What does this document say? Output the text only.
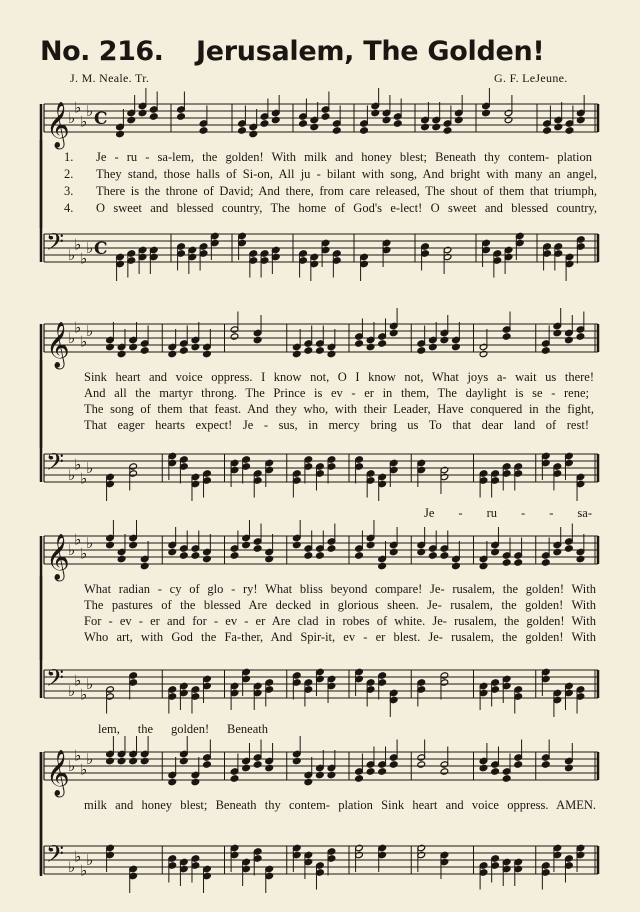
No. 216. Jerusalem, The Golden!
J. M. Neale. Tr.	G. F. LeJeune.
𝄞
♭
♭
♭
♭ C
1. Je - ru - sa-lem, the golden! With milk and honey blest; Beneath thy contem- plation
2. They stand, those halls of Si-on, All ju - bilant with song, And bright with many an angel,
3. There is the throne of David; And there, from care released, The shout of them that triumph,
4. O sweet and blessed country, The home of God's e-lect! O sweet and blessed country,
𝄢 ♭
♭
♭
♭ C
𝄞
♭
♭
♭
♭
Sink heart and voice oppress. I know not, O I know not, What joys a- wait us there!
And all the martyr throng. The Prince is ev - er in them, The daylight is se - rene;
The song of them that feast. And they who, with their Leader, Have conquered in the fight,
That eager hearts expect! Je - sus, in mercy bring us To that dear land of rest!
𝄢 ♭
♭
♭
♭
Je - ru - - sa-
𝄞
♭
♭
♭
♭
What radian - cy of glo - ry! What bliss beyond compare! Je- rusalem, the golden! With
The pastures of the blessed Are decked in glorious sheen. Je- rusalem, the golden! With
For - ev - er and for - ev - er Are clad in robes of white. Je- rusalem, the golden! With
Who art, with God the Fa-ther, And Spir-it, ev - er blest. Je- rusalem, the golden! With
𝄢 ♭
♭
♭
♭
lem, the golden! Beneath
𝄞
♭
♭
♭
♭
milk and honey blest; Beneath thy contem- plation Sink heart and voice oppress. AMEN.
𝄢 ♭
♭
♭
♭
